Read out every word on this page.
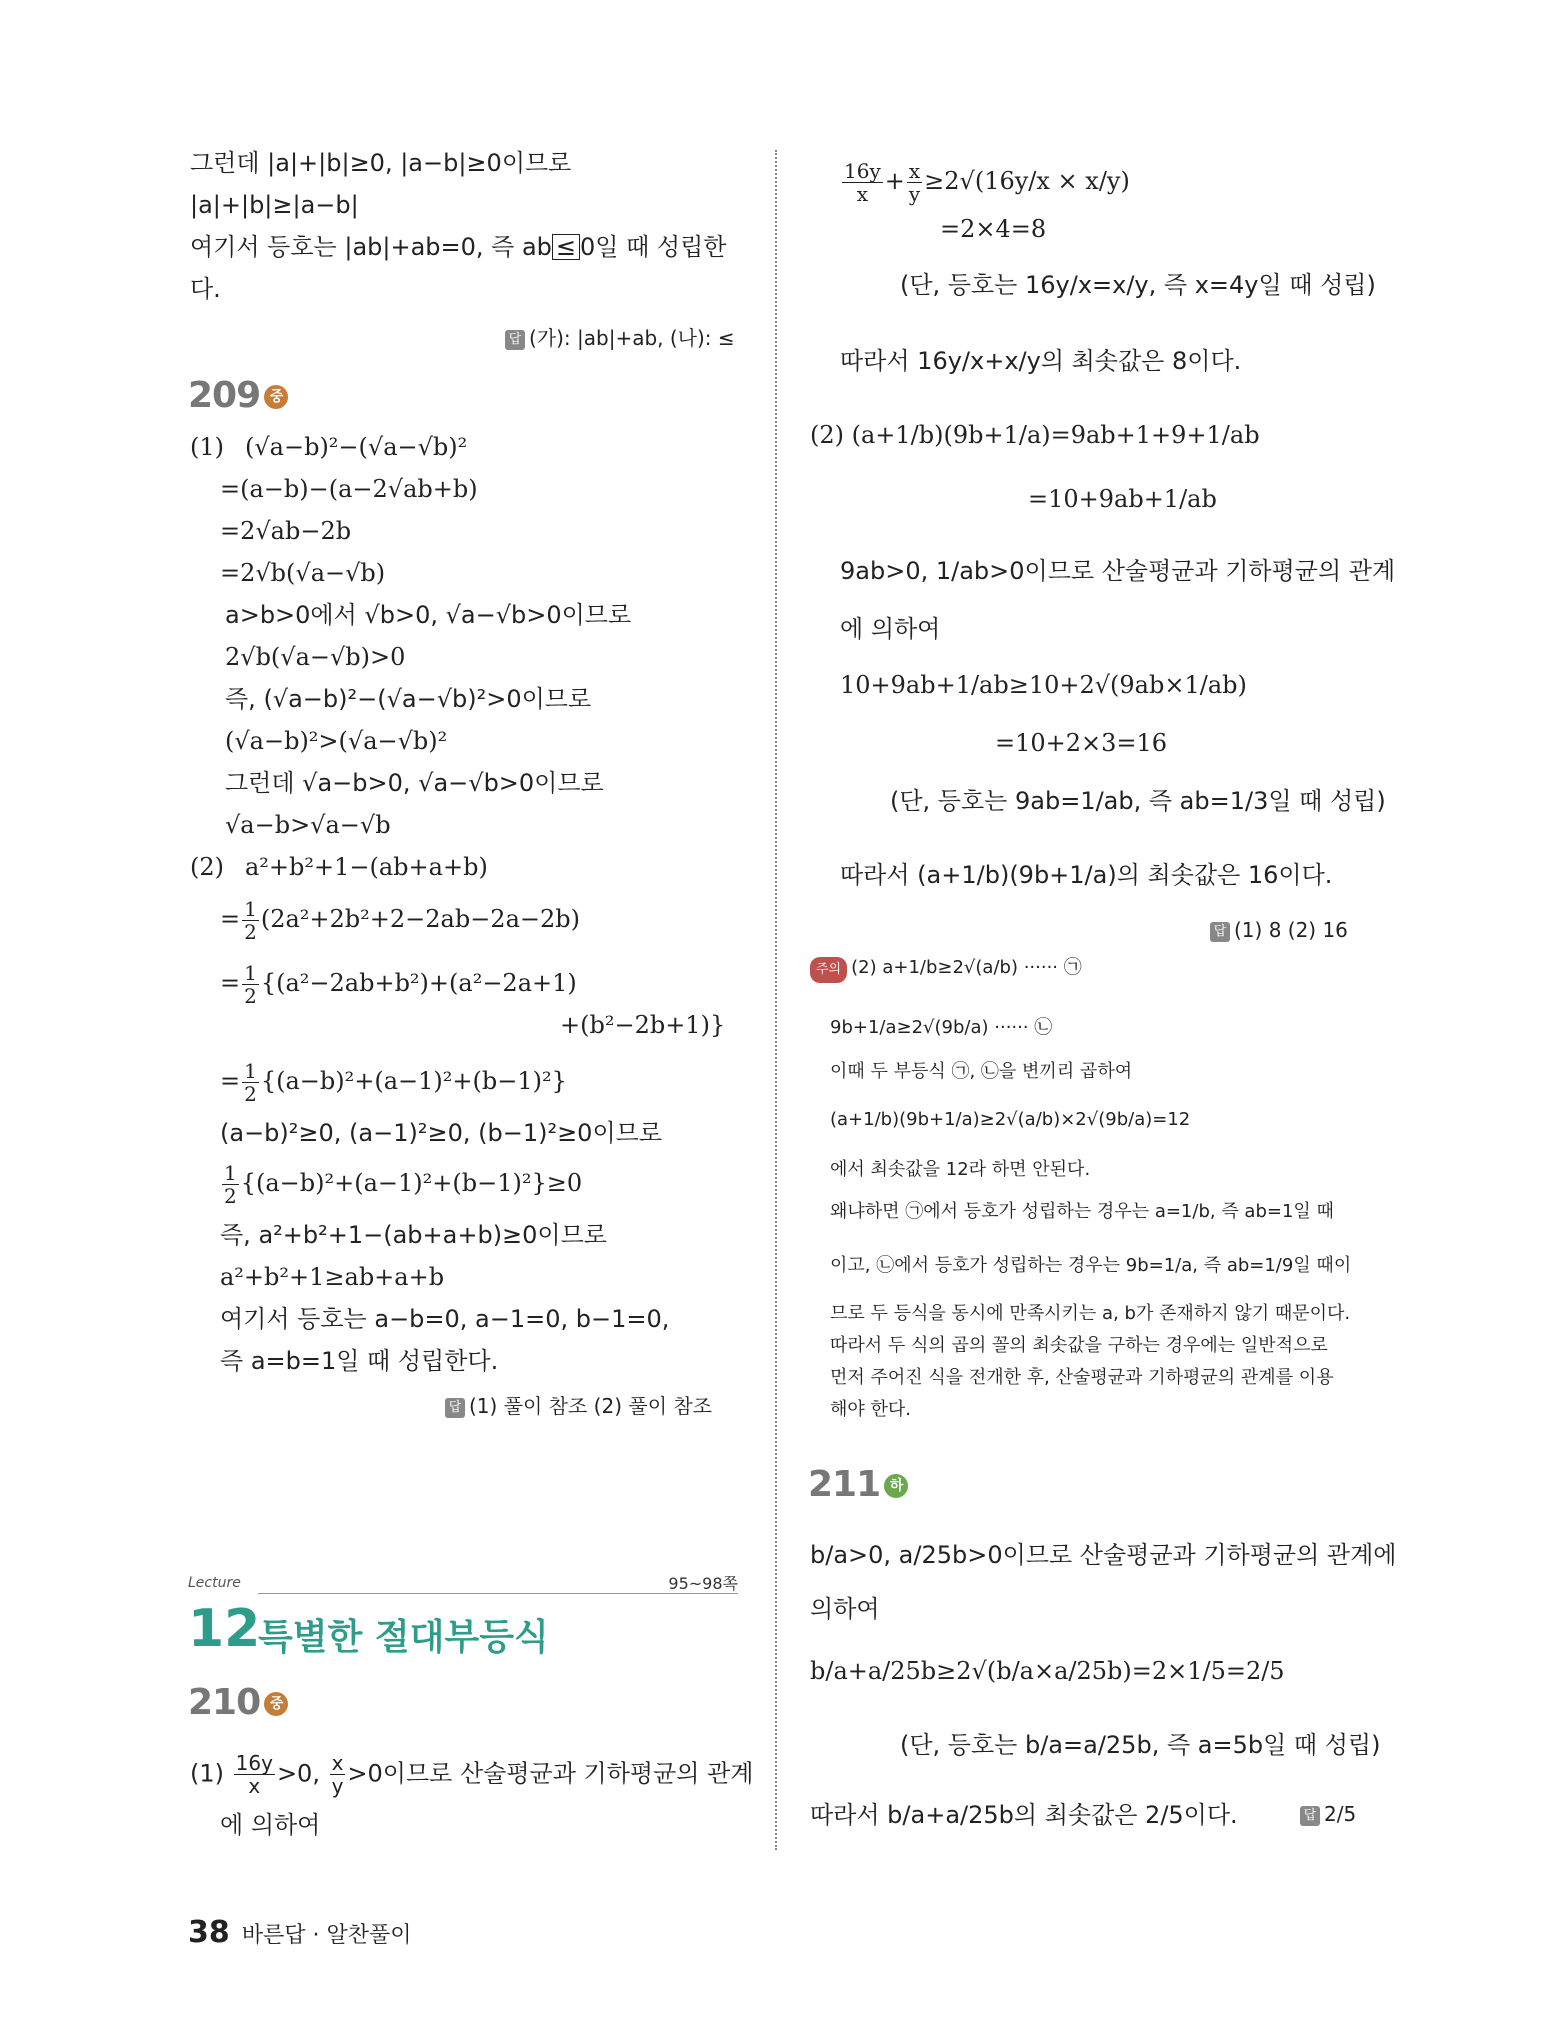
그런데 |a|+|b|≥0, |a−b|≥0이므로
|a|+|b|≥|a−b|
여기서 등호는 |ab|+ab=0, 즉 ab ≤ 0일 때 성립한
다.
답 (가): |ab|+ab, (나): ≤
209 중
(1) (√a−b)²−(√a−√b)²
=(a−b)−(a−2√ab+b)
=2√ab−2b
=2√b(√a−√b)
a>b>0에서 √b>0, √a−√b>0이므로
2√b(√a−√b)>0
즉, (√a−b)²−(√a−√b)²>0이므로
(√a−b)²>(√a−√b)²
그런데 √a−b>0, √a−√b>0이므로
√a−b>√a−√b
(2) a²+b²+1−(ab+a+b)
= $\frac{1}{2} (2a^2+2b^2+2-2ab-2a-2b)$
= $\frac{1}{2} \{(a^2-2ab+b^2)+(a^2-2a+1)$
+(b²−2b+1)}
= $\frac{1}{2} \{(a-b)^2+(a-1)^2+(b-1)^2\}$
(a−b)²≥0, (a−1)²≥0, (b−1)²≥0이므로
$\frac{1}{2} \{(a-b)^2+(a-1)^2+(b-1)^2\}\ge 0$
즉, a²+b²+1−(ab+a+b)≥0이므로
a²+b²+1≥ab+a+b
여기서 등호는 a−b=0, a−1=0, b−1=0,
즉 a=b=1일 때 성립한다.
답 (1) 풀이 참조 (2) 풀이 참조
Lecture	95~98쪽
12
특별한 절대부등식
210 중
$(1) \frac{16y}{x} >0$, $\frac{x}{y} >0$이므로 산술평균과 기하평균의 관계
에 의하여
$\frac{16y}{x} + \frac{x}{y} \ge 2√(16y/x \times x/y)$
=2×4=8
(단, 등호는 16y/x=x/y, 즉 x=4y일 때 성립)
따라서 16y/x+x/y의 최솟값은 8이다.
(2) (a+1/b)(9b+1/a)=9ab+1+9+1/ab
=10+9ab+1/ab
9ab>0, 1/ab>0이므로 산술평균과 기하평균의 관계
에 의하여
10+9ab+1/ab≥10+2√(9ab×1/ab)
=10+2×3=16
(단, 등호는 9ab=1/ab, 즉 ab=1/3일 때 성립)
따라서 (a+1/b)(9b+1/a)의 최솟값은 16이다.
답 (1) 8 (2) 16
주의 (2) a+1/b≥2√(a/b) ······ ㉠
9b+1/a≥2√(9b/a) ······ ㉡
이때 두 부등식 ㉠, ㉡을 변끼리 곱하여
(a+1/b)(9b+1/a)≥2√(a/b)×2√(9b/a)=12
에서 최솟값을 12라 하면 안된다.
왜냐하면 ㉠에서 등호가 성립하는 경우는 a=1/b, 즉 ab=1일 때
이고, ㉡에서 등호가 성립하는 경우는 9b=1/a, 즉 ab=1/9일 때이
므로 두 등식을 동시에 만족시키는 a, b가 존재하지 않기 때문이다.
따라서 두 식의 곱의 꼴의 최솟값을 구하는 경우에는 일반적으로
먼저 주어진 식을 전개한 후, 산술평균과 기하평균의 관계를 이용
해야 한다.
211 하
b/a>0, a/25b>0이므로 산술평균과 기하평균의 관계에
의하여
b/a+a/25b≥2√(b/a×a/25b)=2×1/5=2/5
(단, 등호는 b/a=a/25b, 즉 a=5b일 때 성립)
따라서 b/a+a/25b의 최솟값은 2/5이다.	답 2/5
38 바른답 · 알찬풀이
